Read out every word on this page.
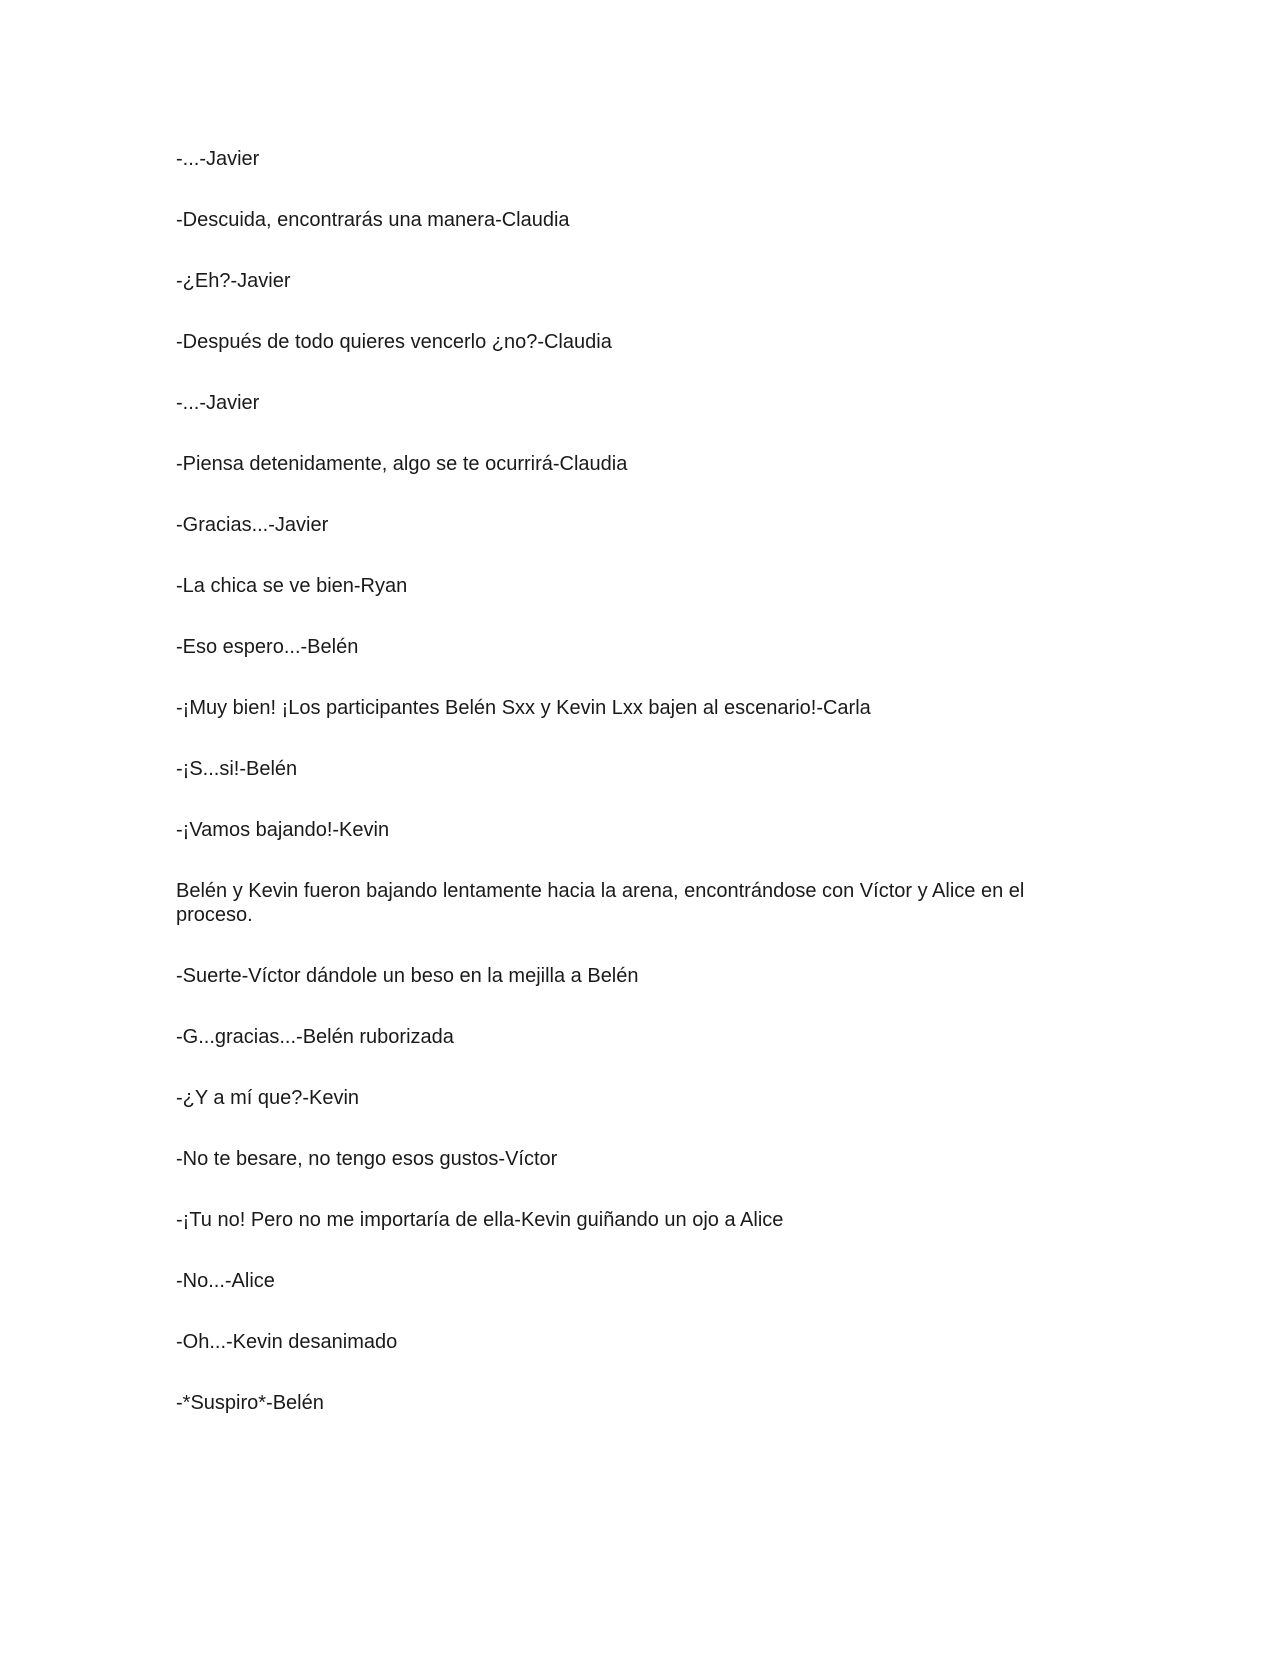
-...-Javier

-Descuida, encontrarás una manera-Claudia

-¿Eh?-Javier

-Después de todo quieres vencerlo ¿no?-Claudia

-...-Javier

-Piensa detenidamente, algo se te ocurrirá-Claudia

-Gracias...-Javier

-La chica se ve bien-Ryan

-Eso espero...-Belén

-¡Muy bien! ¡Los participantes Belén Sxx y Kevin Lxx bajen al escenario!-Carla

-¡S...si!-Belén

-¡Vamos bajando!-Kevin

Belén y Kevin fueron bajando lentamente hacia la arena, encontrándose con Víctor y Alice en el proceso.

-Suerte-Víctor dándole un beso en la mejilla a Belén

-G...gracias...-Belén ruborizada

-¿Y a mí que?-Kevin

-No te besare, no tengo esos gustos-Víctor

-¡Tu no! Pero no me importaría de ella-Kevin guiñando un ojo a Alice

-No...-Alice

-Oh...-Kevin desanimado

-*Suspiro*-Belén
